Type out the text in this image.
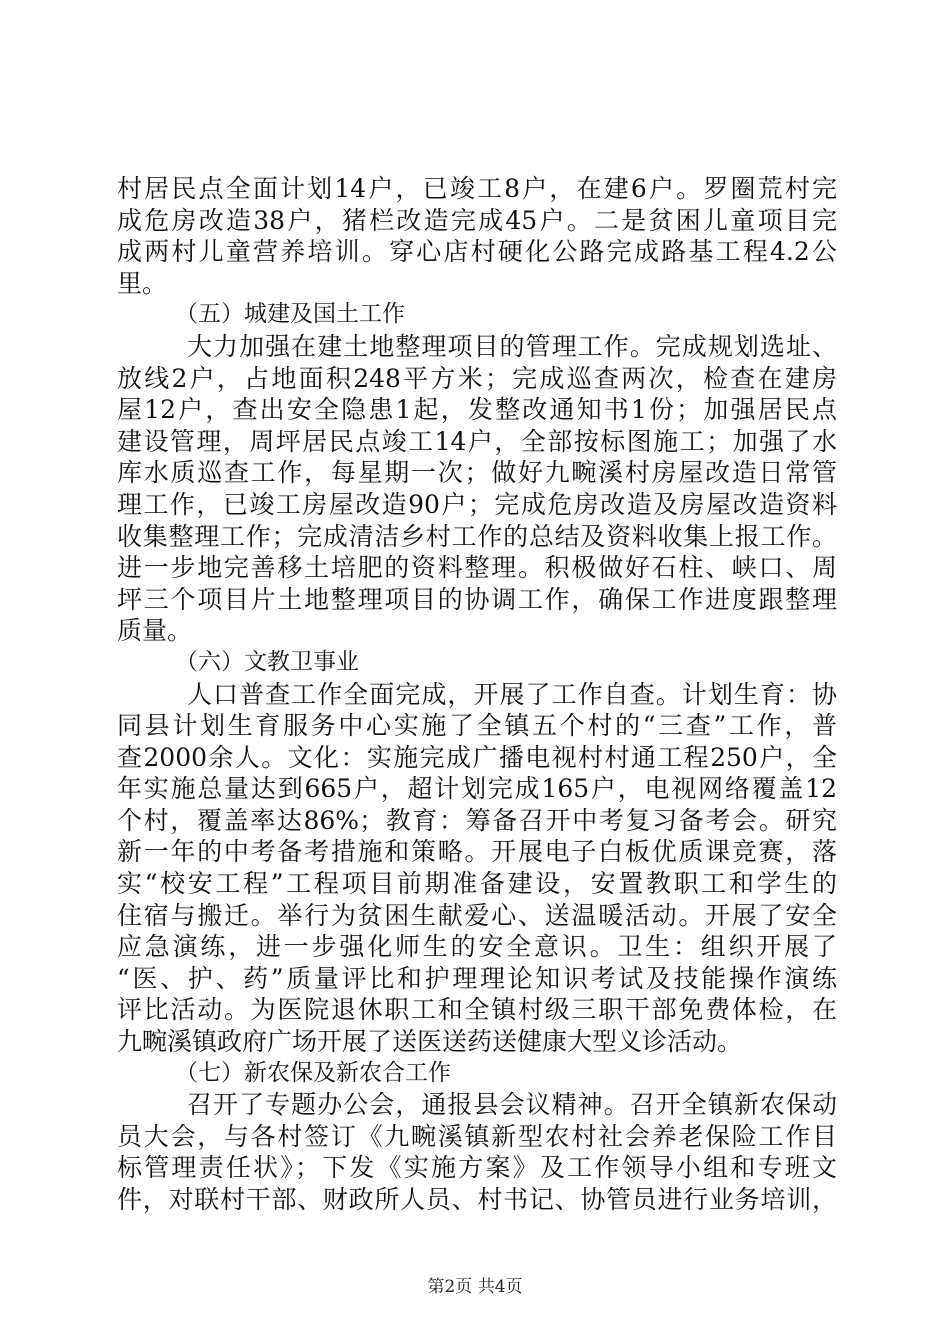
村居民点全面计划14户，已竣工8户，在建6户。罗圈荒村完
成危房改造38户，猪栏改造完成45户。二是贫困儿童项目完
成两村儿童营养培训。穿心店村硬化公路完成路基工程4.2公
里。
（五）城建及国土工作
大力加强在建土地整理项目的管理工作。完成规划选址、
放线2户，占地面积248平方米；完成巡查两次，检查在建房
屋12户，查出安全隐患1起，发整改通知书1份；加强居民点
建设管理，周坪居民点竣工14户，全部按标图施工；加强了水
库水质巡查工作，每星期一次；做好九畹溪村房屋改造日常管
理工作，已竣工房屋改造90户；完成危房改造及房屋改造资料
收集整理工作；完成清洁乡村工作的总结及资料收集上报工作。
进一步地完善移土培肥的资料整理。积极做好石柱、峡口、周
坪三个项目片土地整理项目的协调工作，确保工作进度跟整理
质量。
（六）文教卫事业
人口普查工作全面完成，开展了工作自查。计划生育：协
同县计划生育服务中心实施了全镇五个村的“三查”工作，普
查2000余人。文化：实施完成广播电视村村通工程250户，全
年实施总量达到665户，超计划完成165户，电视网络覆盖12
个村，覆盖率达86%；教育：筹备召开中考复习备考会。研究
新一年的中考备考措施和策略。开展电子白板优质课竞赛，落
实“校安工程”工程项目前期准备建设，安置教职工和学生的
住宿与搬迁。举行为贫困生献爱心、送温暖活动。开展了安全
应急演练，进一步强化师生的安全意识。卫生：组织开展了
“医、护、药”质量评比和护理理论知识考试及技能操作演练
评比活动。为医院退休职工和全镇村级三职干部免费体检，在
九畹溪镇政府广场开展了送医送药送健康大型义诊活动。
（七）新农保及新农合工作
召开了专题办公会，通报县会议精神。召开全镇新农保动
员大会，与各村签订《九畹溪镇新型农村社会养老保险工作目
标管理责任状》；下发《实施方案》及工作领导小组和专班文
件，对联村干部、财政所人员、村书记、协管员进行业务培训，
第2页 共4页
